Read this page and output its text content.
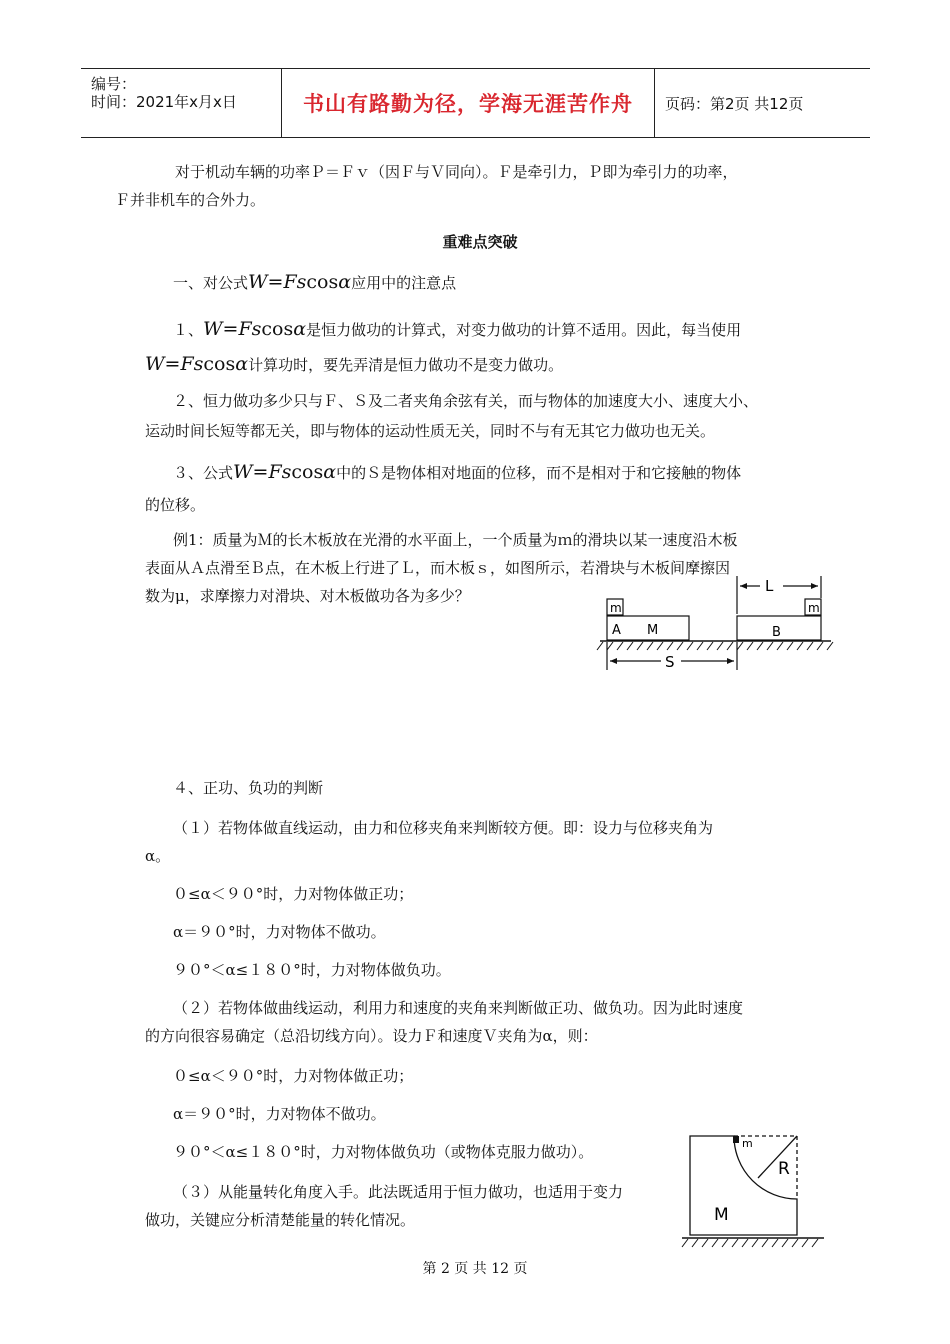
编号：
时间：2021年x月x日	书山有路勤为径，学海无涯苦作舟 页码：第2页 共12页
对于机动车辆的功率Ｐ＝Ｆｖ（因Ｆ与Ｖ同向）。Ｆ是牵引力，Ｐ即为牵引力的功率，
Ｆ并非机车的合外力。
重难点突破
一、对公式W=Fscosα应用中的注意点
１、W=Fscosα是恒力做功的计算式，对变力做功的计算不适用。因此，每当使用
W=Fscosα计算功时，要先弄清是恒力做功不是变力做功。
２、恒力做功多少只与Ｆ、Ｓ及二者夹角余弦有关，而与物体的加速度大小、速度大小、
运动时间长短等都无关，即与物体的运动性质无关，同时不与有无其它力做功也无关。
３、公式W=Fscosα中的Ｓ是物体相对地面的位移，而不是相对于和它接触的物体
的位移。
例1：质量为Ｍ的长木板放在光滑的水平面上，一个质量为ｍ的滑块以某一速度沿木板
表面从Ａ点滑至Ｂ点，在木板上行进了Ｌ，而木板ｓ，如图所示，若滑块与木板间摩擦因
数为μ，求摩擦力对滑块、对木板做功各为多少？
m
A M	B
L
m
S
４、正功、负功的判断
（１）若物体做直线运动，由力和位移夹角来判断较方便。即：设力与位移夹角为
α。
０≤α＜９０°时，力对物体做正功；
α＝９０°时，力对物体不做功。
９０°＜α≤１８０°时，力对物体做负功。
（２）若物体做曲线运动，利用力和速度的夹角来判断做正功、做负功。因为此时速度
的方向很容易确定（总沿切线方向）。设力Ｆ和速度Ｖ夹角为α，则：
０≤α＜９０°时，力对物体做正功；
α＝９０°时，力对物体不做功。
９０°＜α≤１８０°时，力对物体做负功（或物体克服力做功）。
（３）从能量转化角度入手。此法既适用于恒力做功，也适用于变力
做功，关键应分析清楚能量的转化情况。
m
R
M
第 2 页 共 12 页
